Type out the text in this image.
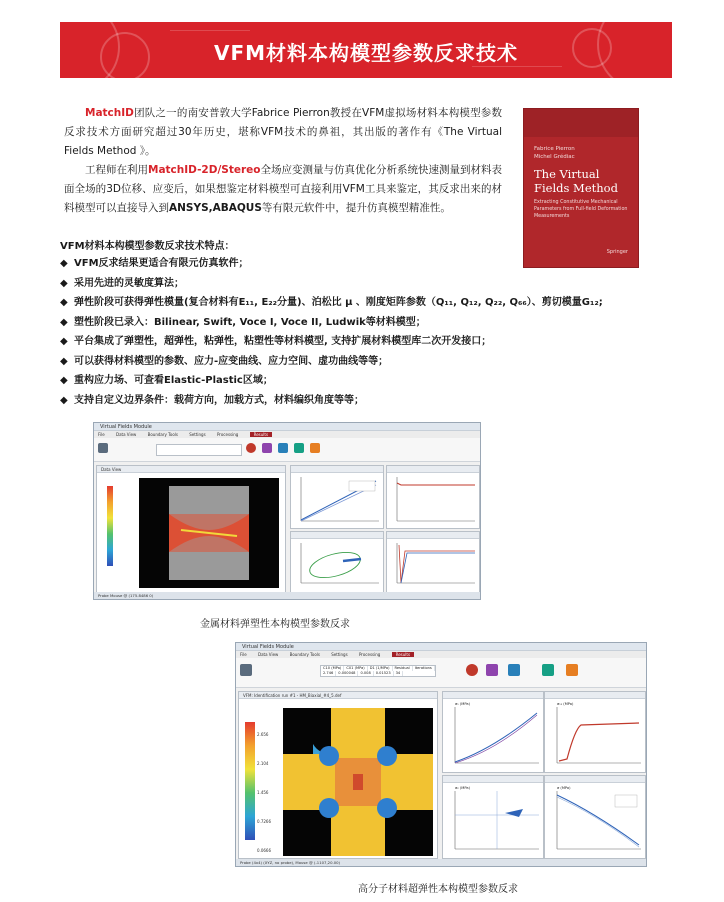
VFM材料本构模型参数反求技术

MatchID团队之一的南安普敦大学Fabrice Pierron教授在VFM虚拟场材料本构模型参数反求技术方面研究超过30年历史，堪称VFM技术的鼻祖，其出版的著作有《The Virtual Fields Method 》。

工程师在利用MatchID-2D/Stereo全场应变测量与仿真优化分析系统快速测量到材料表面全场的3D位移、应变后，如果想鉴定材料模型可直接利用VFM工具来鉴定，其反求出来的材料模型可以直接导入到ANSYS,ABAQUS等有限元软件中，提升仿真模型精准性。

Fabrice Pierron
Michel Grédiac
The Virtual Fields Method
Extracting Constitutive Mechanical Parameters from Full-field Deformation Measurements
Springer
VFM材料本构模型参数反求技术特点：
◆ VFM反求结果更适合有限元仿真软件；
◆ 采用先进的灵敏度算法；
◆ 弹性阶段可获得弹性模量(复合材料有E₁₁, E₂₂分量)、泊松比 μ 、刚度矩阵参数（Q₁₁, Q₁₂, Q₂₂, Q₆₆）、剪切模量G₁₂;
◆ 塑性阶段已录入：Bilinear, Swift, Voce I, Voce II, Ludwik等材料模型；
◆ 平台集成了弹塑性，超弹性，粘弹性，粘塑性等材料模型, 支持扩展材料模型库二次开发接口；
◆ 可以获得材料模型的参数、应力-应变曲线、应力空间、虚功曲线等等；
◆ 重构应力场、可查看Elastic-Plastic区域；
◆ 支持自定义边界条件：载荷方向，加载方式，材料编织角度等等；
Virtual Fields Module
File	Data View	Boundary Tools	Settings	Processing	Results
Data View
Probe Mouse @ (175.8486 0)
金属材料弹塑性本构模型参数反求
Virtual Fields Module
File	Data View	Boundary Tools	Settings	Processing	Results
C10 (MPa) C01 (MPa) D1 (1/MPa) Residual Iterations
2.746 0.000048 0.008 0.01523 34
VFM: Identification run #1 - HM_Biaxial_#4_5.def
2.656
2.104
1.456
0.7266
0.0666
σ₁ (MPa)	σ₁₂ (MPa)
σ₂ (MPa)	σ (MPa)
Probe (4x4) (XYZ, no probe), Mouse @ (-1107,20.00)
高分子材料超弹性本构模型参数反求
